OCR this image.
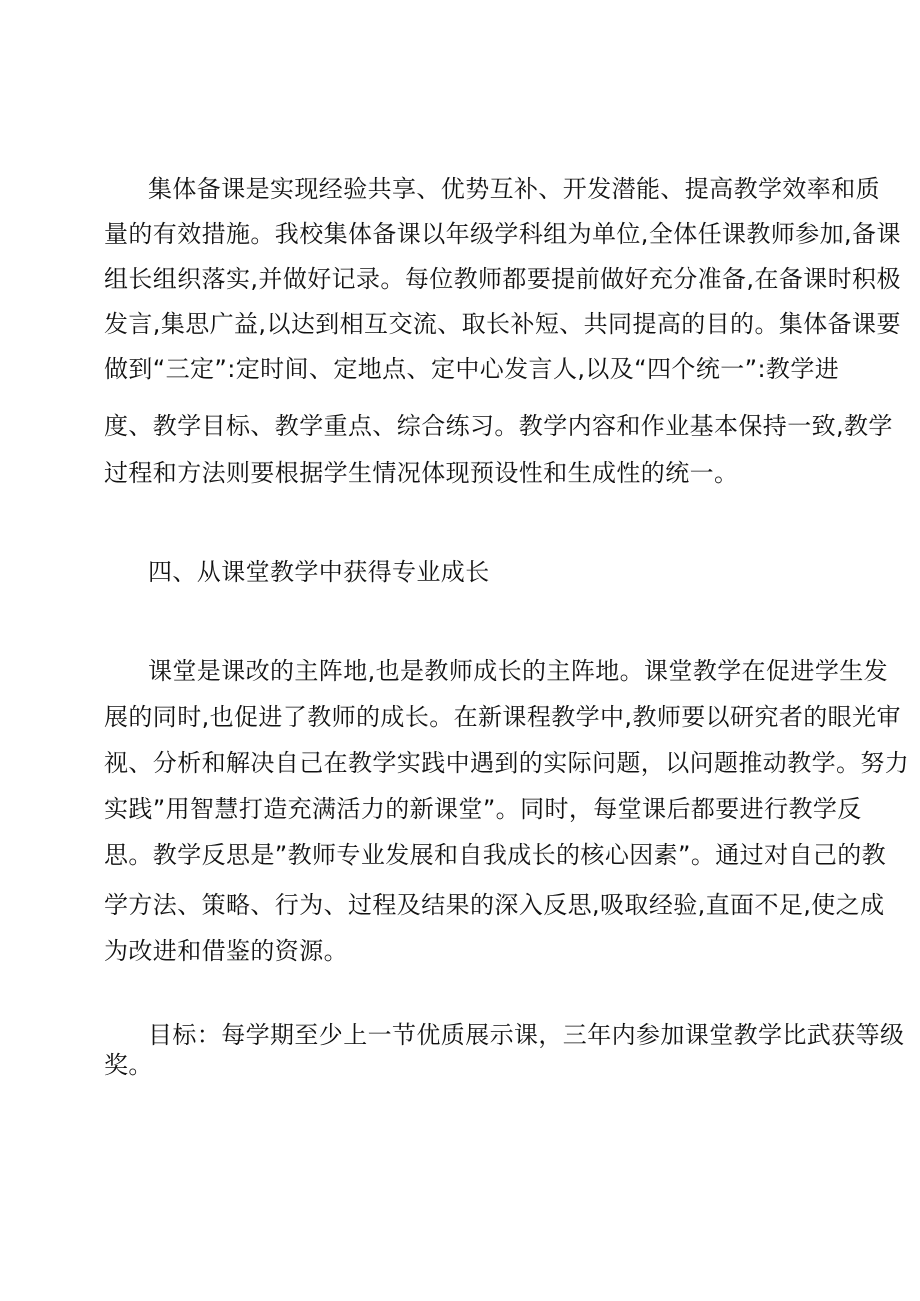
集体备课是实现经验共享、优势互补、开发潜能、提高教学效率和质
量的有效措施。我校集体备课以年级学科组为单位,全体任课教师参加,备课
组长组织落实,并做好记录。每位教师都要提前做好充分准备,在备课时积极
发言,集思广益,以达到相互交流、取长补短、共同提高的目的。集体备课要
做到“三定”:定时间、定地点、定中心发言人,以及“四个统一”:教学进
度、教学目标、教学重点、综合练习。教学内容和作业基本保持一致,教学
过程和方法则要根据学生情况体现预设性和生成性的统一。
四、从课堂教学中获得专业成长
课堂是课改的主阵地,也是教师成长的主阵地。课堂教学在促进学生发
展的同时,也促进了教师的成长。在新课程教学中,教师要以研究者的眼光审
视、分析和解决自己在教学实践中遇到的实际问题，以问题推动教学。努力
实践”用智慧打造充满活力的新课堂”。同时，每堂课后都要进行教学反
思。教学反思是”教师专业发展和自我成长的核心因素”。通过对自己的教
学方法、策略、行为、过程及结果的深入反思,吸取经验,直面不足,使之成
为改进和借鉴的资源。
目标：每学期至少上一节优质展示课，三年内参加课堂教学比武获等级
奖。
